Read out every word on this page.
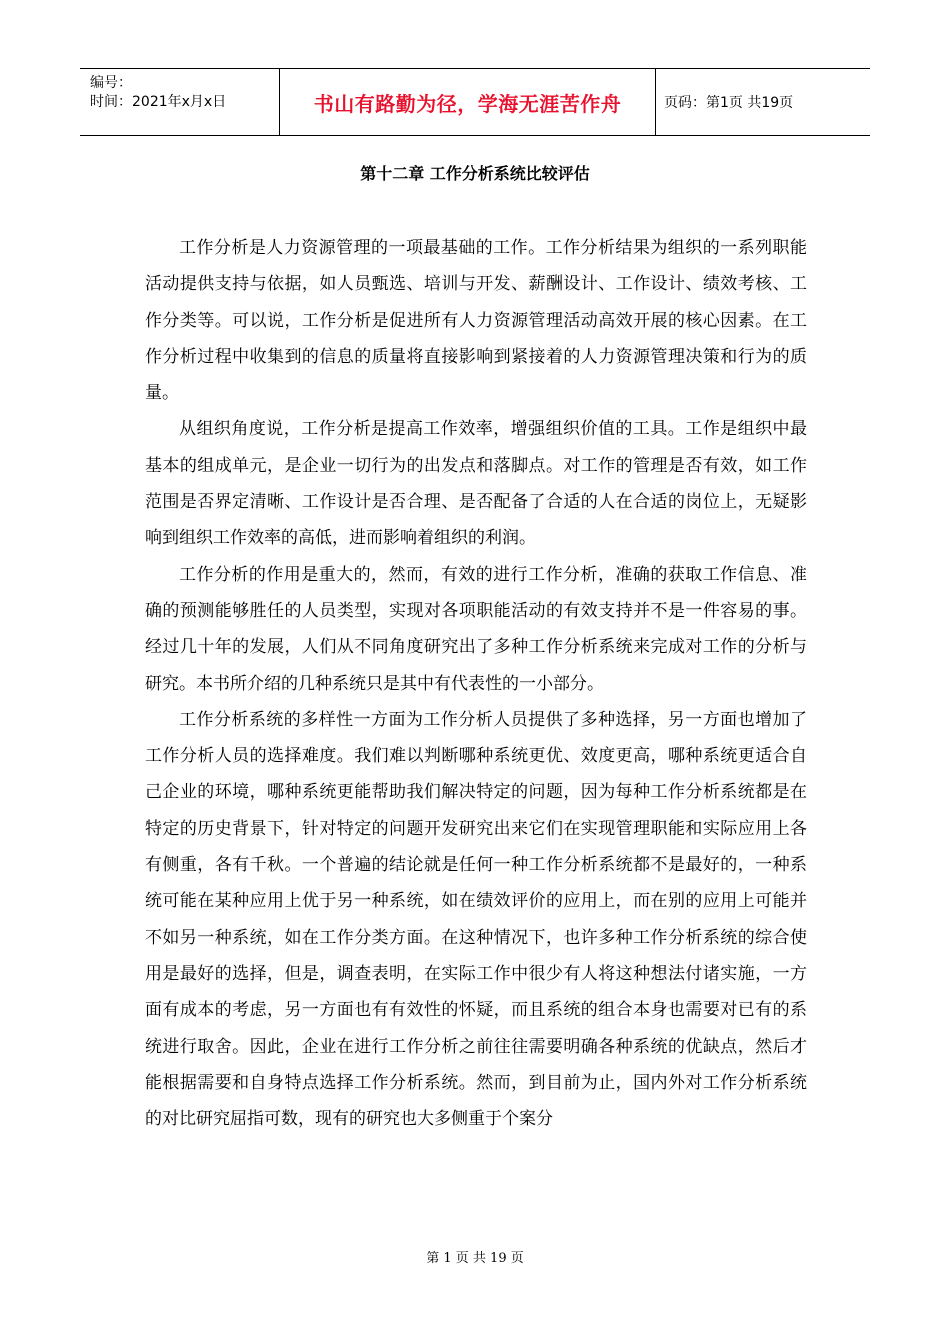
编号：
时间：2021年x月x日	书山有路勤为径，学海无涯苦作舟	页码：第1页 共19页
第十二章 工作分析系统比较评估

工作分析是人力资源管理的一项最基础的工作。工作分析结果为组织的一系列职能活动提供支持与依据，如人员甄选、培训与开发、薪酬设计、工作设计、绩效考核、工作分类等。可以说，工作分析是促进所有人力资源管理活动高效开展的核心因素。在工作分析过程中收集到的信息的质量将直接影响到紧接着的人力资源管理决策和行为的质量。

从组织角度说，工作分析是提高工作效率，增强组织价值的工具。工作是组织中最基本的组成单元，是企业一切行为的出发点和落脚点。对工作的管理是否有效，如工作范围是否界定清晰、工作设计是否合理、是否配备了合适的人在合适的岗位上，无疑影响到组织工作效率的高低，进而影响着组织的利润。

工作分析的作用是重大的，然而，有效的进行工作分析，准确的获取工作信息、准确的预测能够胜任的人员类型，实现对各项职能活动的有效支持并不是一件容易的事。经过几十年的发展，人们从不同角度研究出了多种工作分析系统来完成对工作的分析与研究。本书所介绍的几种系统只是其中有代表性的一小部分。

工作分析系统的多样性一方面为工作分析人员提供了多种选择，另一方面也增加了工作分析人员的选择难度。我们难以判断哪种系统更优、效度更高，哪种系统更适合自己企业的环境，哪种系统更能帮助我们解决特定的问题，因为每种工作分析系统都是在特定的历史背景下，针对特定的问题开发研究出来它们在实现管理职能和实际应用上各有侧重，各有千秋。一个普遍的结论就是任何一种工作分析系统都不是最好的，一种系统可能在某种应用上优于另一种系统，如在绩效评价的应用上，而在别的应用上可能并不如另一种系统，如在工作分类方面。在这种情况下，也许多种工作分析系统的综合使用是最好的选择，但是，调查表明，在实际工作中很少有人将这种想法付诸实施，一方面有成本的考虑，另一方面也有有效性的怀疑，而且系统的组合本身也需要对已有的系统进行取舍。因此，企业在进行工作分析之前往往需要明确各种系统的优缺点，然后才能根据需要和自身特点选择工作分析系统。然而，到目前为止，国内外对工作分析系统的对比研究屈指可数，现有的研究也大多侧重于个案分

第 1 页 共 19 页
